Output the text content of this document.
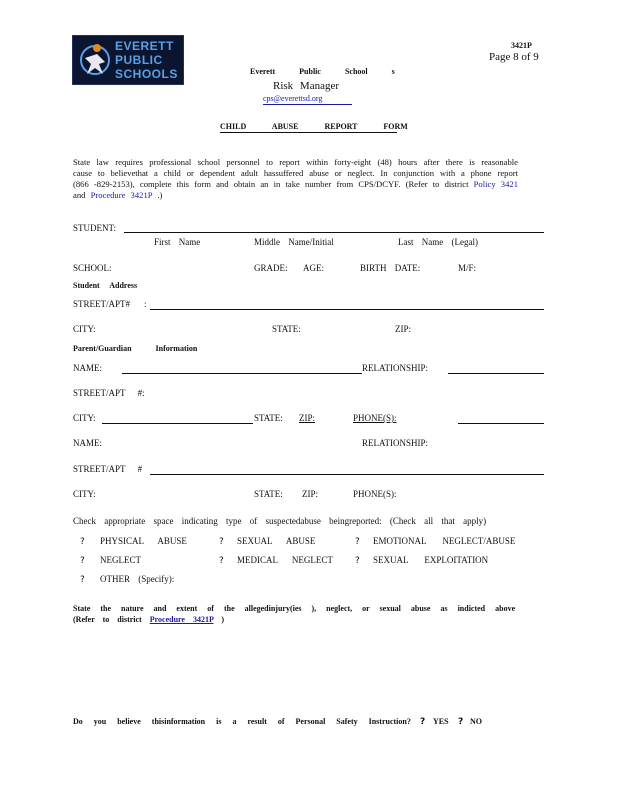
EVERETT
PUBLIC
SCHOOLS
3421P
Page 8 of 9
Everett Public School s
Risk Manager
cps@everettsd.org
CHILD ABUSE REPORT FORM
State law requires professional school personnel to report within forty-eight (48) hours after there is reasonable cause to believethat a child or dependent adult hassuffered abuse or neglect. In conjunction with a phone report (866 -829-2153), complete this form and obtain an in take number from CPS/DCYF. (Refer to district Policy 3421 and Procedure 3421P .)
STUDENT:
First Name	Middle Name/Initial	Last Name (Legal)
SCHOOL:	GRADE: AGE:	BIRTH DATE:	M/F:
Student Address
STREET/APT# :
CITY:	STATE:	ZIP:
Parent/Guardian Information
NAME:	RELATIONSHIP:
STREET/APT #:
CITY:	STATE: ZIP:	PHONE(S):
NAME:	RELATIONSHIP:
STREET/APT #
CITY:	STATE: ZIP:	PHONE(S):
Check appropriate space indicating type of suspectedabuse beingreported: (Check all that apply)
? PHYSICAL ABUSE	? SEXUAL ABUSE	? EMOTIONAL NEGLECT/ABUSE
? NEGLECT	? MEDICAL NEGLECT ? SEXUAL EXPLOITATION
? OTHER (Specify):
State the nature and extent of the allegedinjury(ies ), neglect, or sexual abuse as indicted above
(Refer to district Procedure 3421P )
Do you believe thisinformation is a result of Personal Safety Instruction? ? YES ? NO
